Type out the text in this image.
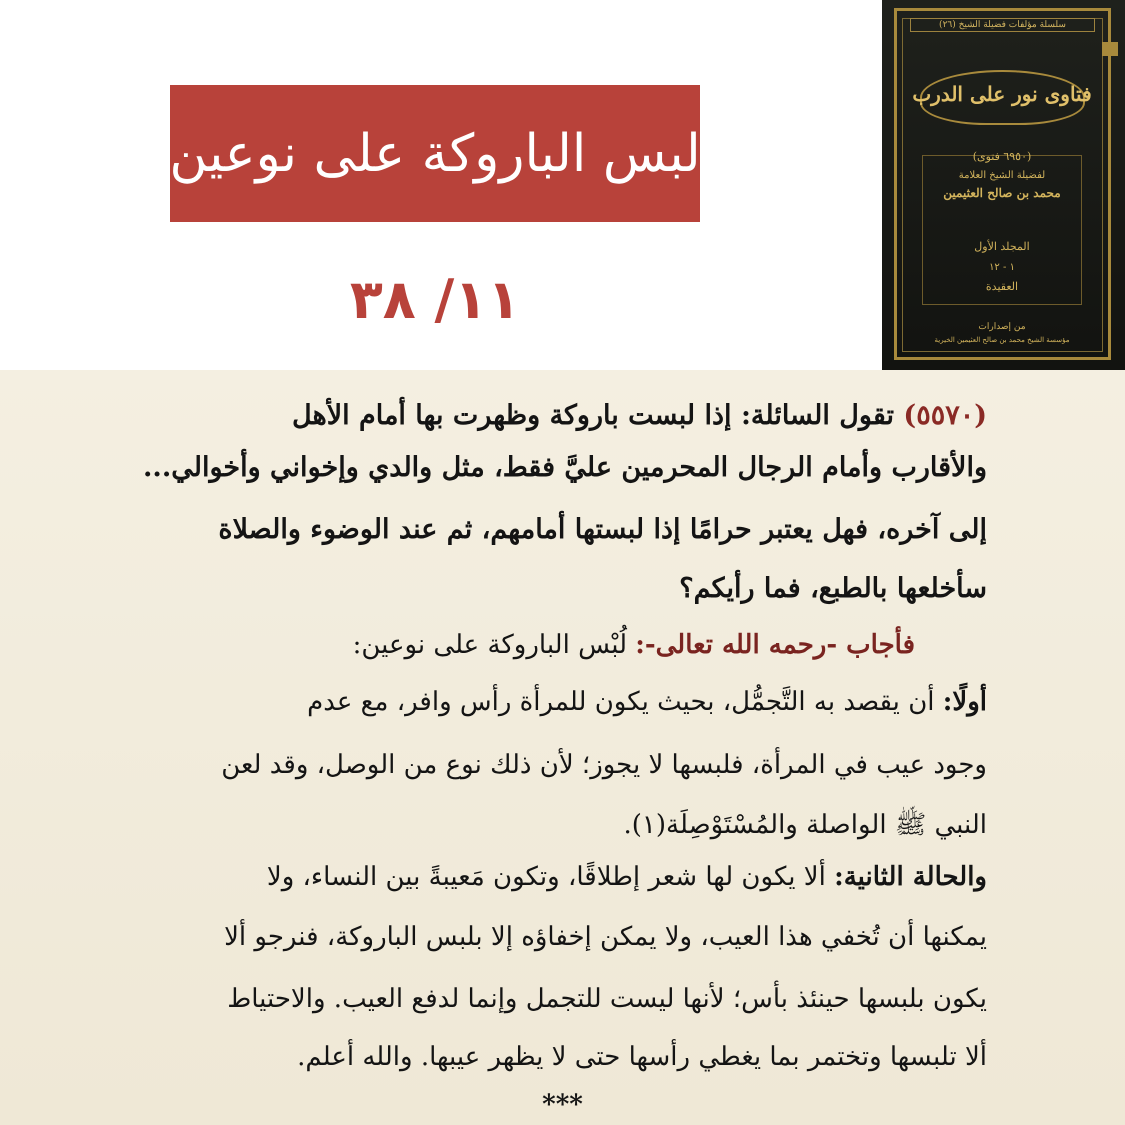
لبس الباروكة على نوعين
١١/ ٣٨
سلسلة مؤلفات فضيلة الشيخ (٢٦)
فتاوى نور على الدرب
(٦٩٥٠ فتوى)
لفضيلة الشيخ العلامة
محمد بن صالح العثيمين
المجلد الأول
١ - ١٢
العقيدة
من إصدارات
مؤسسة الشيخ محمد بن صالح العثيمين الخيرية
(٥٥٧٠) تقول السائلة: إذا لبست باروكة وظهرت بها أمام الأهل
والأقارب وأمام الرجال المحرمين عليَّ فقط، مثل والدي وإخواني وأخوالي...
إلى آخره، فهل يعتبر حرامًا إذا لبستها أمامهم، ثم عند الوضوء والصلاة
سأخلعها بالطبع، فما رأيكم؟
فأجاب -رحمه الله تعالى-: لُبْس الباروكة على نوعين:
أولًا: أن يقصد به التَّجمُّل، بحيث يكون للمرأة رأس وافر، مع عدم
وجود عيب في المرأة، فلبسها لا يجوز؛ لأن ذلك نوع من الوصل، وقد لعن
النبي ﷺ الواصلة والمُسْتَوْصِلَة(١).
والحالة الثانية: ألا يكون لها شعر إطلاقًا، وتكون مَعيبةً بين النساء، ولا
يمكنها أن تُخفي هذا العيب، ولا يمكن إخفاؤه إلا بلبس الباروكة، فنرجو ألا
يكون بلبسها حينئذ بأس؛ لأنها ليست للتجمل وإنما لدفع العيب. والاحتياط
ألا تلبسها وتختمر بما يغطي رأسها حتى لا يظهر عيبها. والله أعلم.
***
